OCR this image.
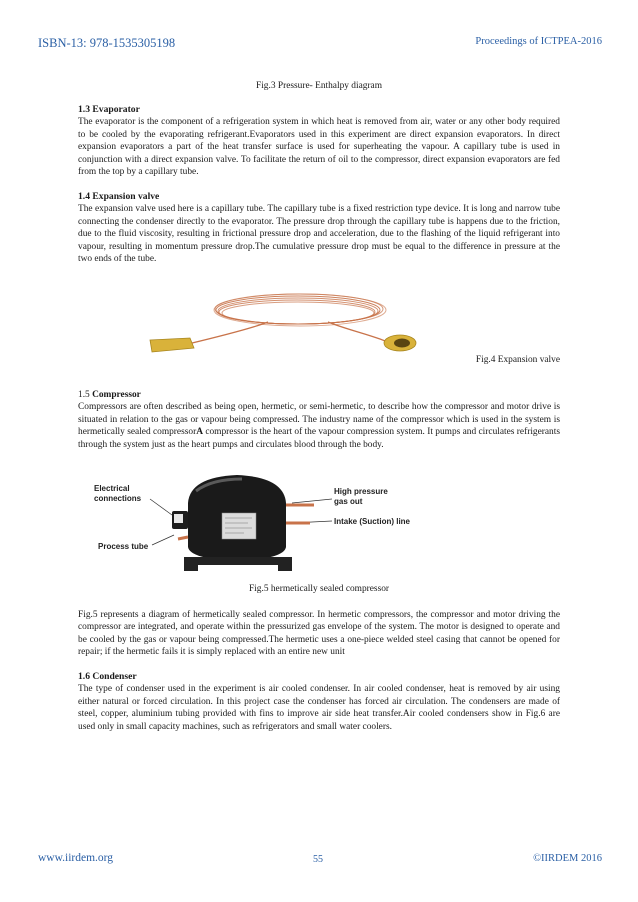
ISBN-13: 978-1535305198	Proceedings of ICTPEA-2016
Fig.3 Pressure- Enthalpy diagram
1.3 Evaporator

The evaporator is the component of a refrigeration system in which heat is removed from air, water or any other body required to be cooled by the evaporating refrigerant.Evaporators used in this experiment are direct expansion evaporators. In direct expansion evaporators a part of the heat transfer surface is used for superheating the vapour. A capillary tube is used in conjunction with a direct expansion valve. To facilitate the return of oil to the compressor, direct expansion evaporators are fed from the top by a capillary tube.

1.4 Expansion valve

The expansion valve used here is a capillary tube. The capillary tube is a fixed restriction type device. It is long and narrow tube connecting the condenser directly to the evaporator. The pressure drop through the capillary tube is happens due to the friction, due to the fluid viscosity, resulting in frictional pressure drop and acceleration, due to the flashing of the liquid refrigerant into vapour, resulting in momentum pressure drop.The cumulative pressure drop must be equal to the difference in pressure at the two ends of the tube.

Fig.4 Expansion valve
1.5 Compressor

Compressors are often described as being open, hermetic, or semi-hermetic, to describe how the compressor and motor drive is situated in relation to the gas or vapour being compressed. The industry name of the compressor which is used in the system is hermetically sealed compressorA compressor is the heart of the vapour compression system. It pumps and circulates refrigerants through the system just as the heart pumps and circulates blood through the body.

Electrical
connections
Process tube
High pressure
gas out
Intake (Suction) line
Fig.5 hermetically sealed compressor

Fig.5 represents a diagram of hermetically sealed compressor. In hermetic compressors, the compressor and motor driving the compressor are integrated, and operate within the pressurized gas envelope of the system. The motor is designed to operate and be cooled by the gas or vapour being compressed.The hermetic uses a one-piece welded steel casing that cannot be opened for repair; if the hermetic fails it is simply replaced with an entire new unit

1.6 Condenser

The type of condenser used in the experiment is air cooled condenser. In air cooled condenser, heat is removed by air using either natural or forced circulation. In this project case the condenser has forced air circulation. The condensers are made of steel, copper, aluminium tubing provided with fins to improve air side heat transfer.Air cooled condensers show in Fig.6 are used only in small capacity machines, such as refrigerators and small water coolers.

www.iirdem.org	55	©IIRDEM 2016
